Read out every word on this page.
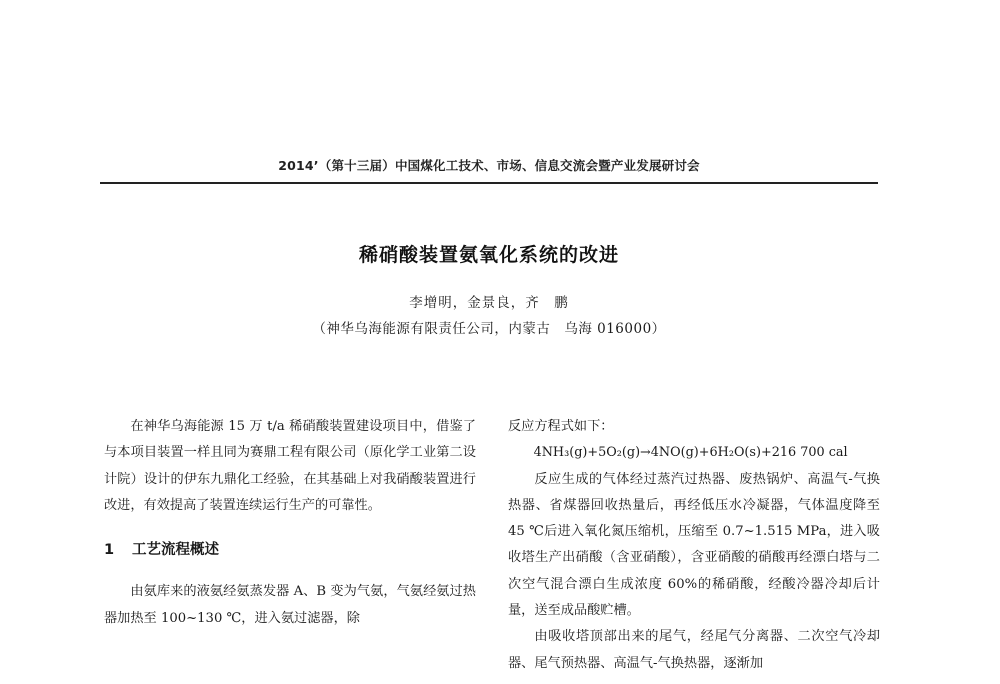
2014’（第十三届）中国煤化工技术、市场、信息交流会暨产业发展研讨会
稀硝酸装置氨氧化系统的改进
李增明，金景良，齐　鹏
（神华乌海能源有限责任公司，内蒙古　乌海 016000）

在神华乌海能源 15 万 t/a 稀硝酸装置建设项目中，借鉴了与本项目装置一样且同为赛鼎工程有限公司（原化学工业第二设计院）设计的伊东九鼎化工经验，在其基础上对我硝酸装置进行改进，有效提高了装置连续运行生产的可靠性。

1 工艺流程概述

由氨库来的液氨经氨蒸发器 A、B 变为气氨，气氨经氨过热器加热至 100~130 ℃，进入氨过滤器，除

反应方程式如下：

4NH₃(g)+5O₂(g)→4NO(g)+6H₂O(s)+216 700 cal

反应生成的气体经过蒸汽过热器、废热锅炉、高温气-气换热器、省煤器回收热量后，再经低压水冷凝器，气体温度降至 45 ℃后进入氧化氮压缩机，压缩至 0.7~1.515 MPa，进入吸收塔生产出硝酸（含亚硝酸），含亚硝酸的硝酸再经漂白塔与二次空气混合漂白生成浓度 60%的稀硝酸，经酸冷器冷却后计量，送至成品酸贮槽。

由吸收塔顶部出来的尾气，经尾气分离器、二次空气冷却器、尾气预热器、高温气-气换热器，逐渐加
